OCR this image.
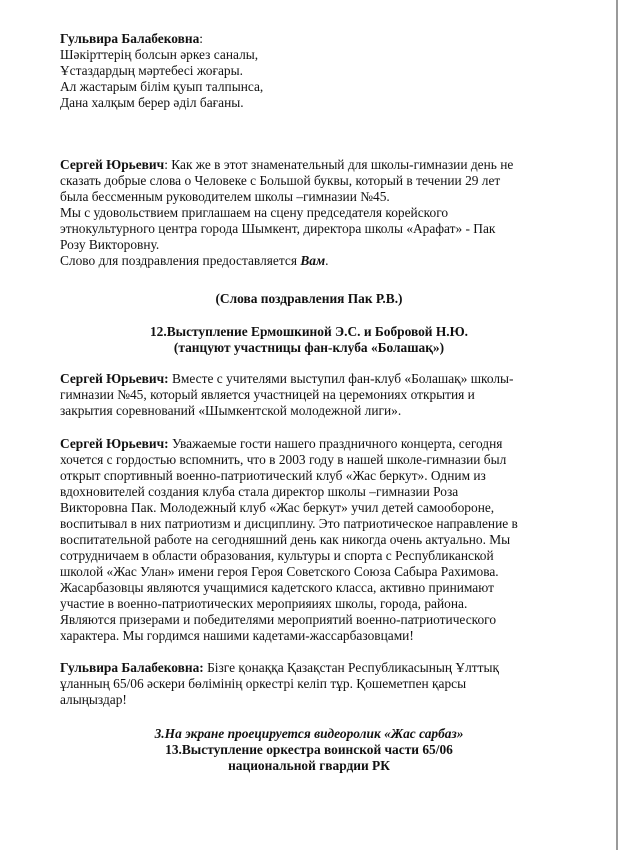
Гульвира Балабековна:
Шәкірттерің болсын әркез саналы,
Ұстаздардың мәртебесі жоғары.
Ал жастарым білім қуып талпынса,
Дана халқым берер әділ бағаны.
Сергей Юрьевич: Как же в этот знаменательный для школы-гимназии день не
сказать добрые слова о Человеке с Большой буквы, который в течении 29 лет
была бессменным руководителем школы –гимназии №45.
Мы с удовольствием приглашаем на сцену председателя корейского
этнокультурного центра города Шымкент, директора школы «Арафат» - Пак
Розу Викторовну.
Слово для поздравления предоставляется Вам.
(Слова поздравления Пак Р.В.)
12.Выступление Ермошкиной Э.С. и Бобровой Н.Ю.
(танцуют участницы фан-клуба «Болашақ»)
Сергей Юрьевич: Вместе с учителями выступил фан-клуб «Болашақ» школы-
гимназии №45, который является участницей на церемониях открытия и
закрытия соревнований «Шымкентской молодежной лиги».
Сергей Юрьевич: Уважаемые гости нашего праздничного концерта, сегодня
хочется с гордостью вспомнить, что в 2003 году в нашей школе-гимназии был
открыт спортивный военно-патриотический клуб «Жас беркут». Одним из
вдохновителей создания клуба стала директор школы –гимназии Роза
Викторовна Пак. Молодежный клуб «Жас беркут» учил детей самообороне,
воспитывал в них патриотизм и дисциплину. Это патриотическое направление в
воспитательной работе на сегодняшний день как никогда очень актуально. Мы
сотрудничаем в области образования, культуры и спорта с Республиканской
школой «Жас Улан» имени героя Героя Советского Союза Сабыра Рахимова.
Жасарбазовцы являются учащимися кадетского класса, активно принимают
участие в военно-патриотических мероприяиях школы, города, района.
Являются призерами и победителями мероприятий военно-патриотического
характера. Мы гордимся нашими кадетами-жассарбазовцами!
Гульвира Балабековна: Бізге қонаққа Қазақстан Республикасының Ұлттық
ұланның 65/06 әскери бөлімінің оркестрі келіп тұр. Қошеметпен қарсы
алыңыздар!
3.На экране проецируется видеоролик «Жас сарбаз»
13.Выступление оркестра воинской части 65/06
национальной гвардии РК
